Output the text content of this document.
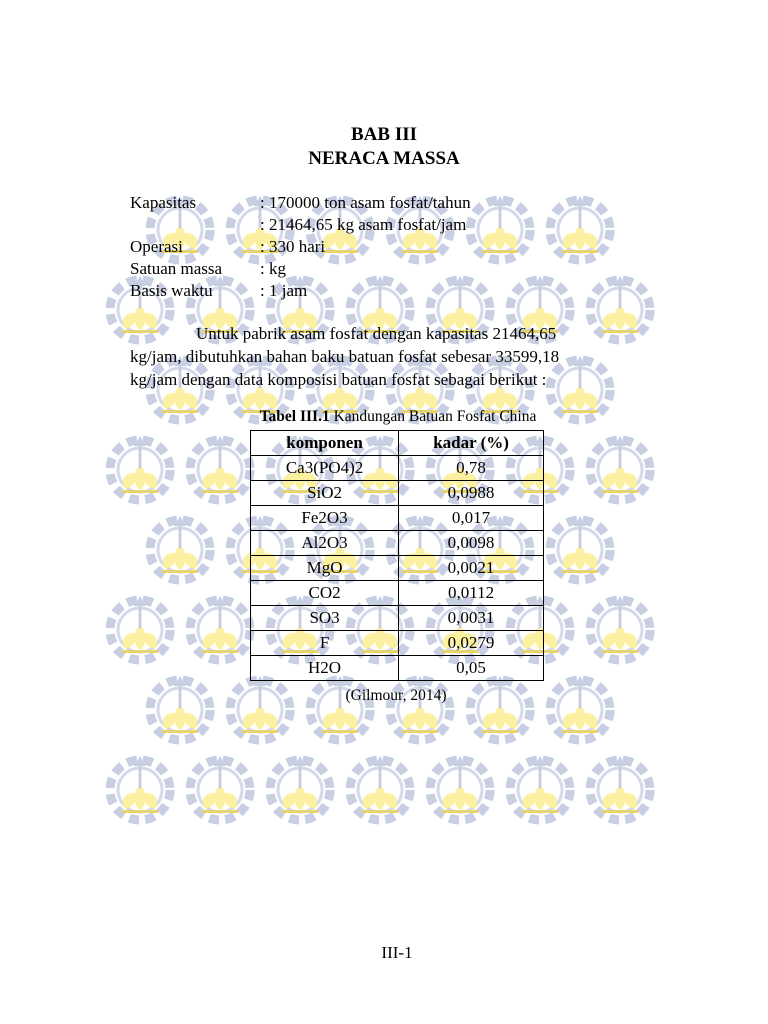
BAB III
NERACA MASSA
Kapasitas	: 170000 ton asam fosfat/tahun
: 21464,65 kg asam fosfat/jam
Operasi	: 330 hari
Satuan massa : kg
Basis waktu	: 1 jam
Untuk pabrik asam fosfat dengan kapasitas 21464,65
kg/jam, dibutuhkan bahan baku batuan fosfat sebesar 33599,18
kg/jam dengan data komposisi batuan fosfat sebagai berikut :
Tabel III.1 Kandungan Batuan Fosfat China
komponen	kadar (%)
Ca3(PO4)2	0,78
SiO2	0,0988
Fe2O3	0,017
Al2O3	0,0098
MgO	0,0021
CO2	0,0112
SO3	0,0031
F	0,0279
H2O	0,05
(Gilmour, 2014)
III-1
